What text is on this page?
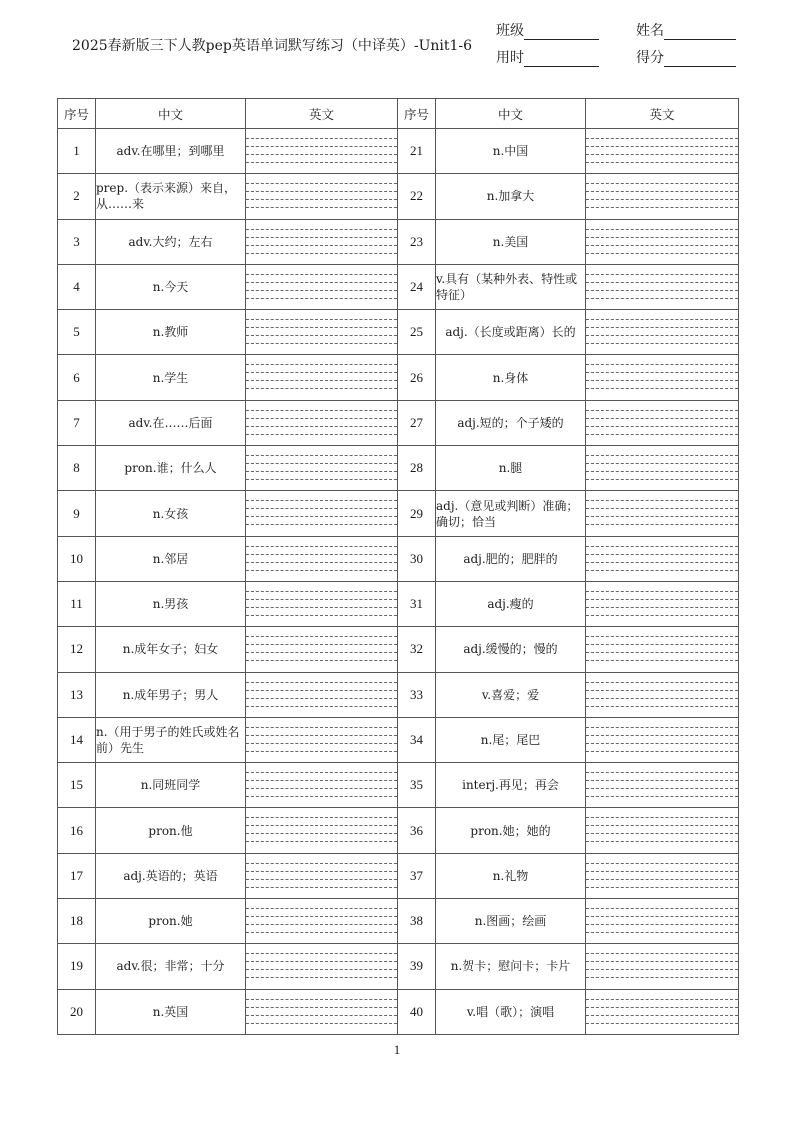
2025春新版三下人教pep英语单词默写练习（中译英）-Unit1-6
班级	姓名
用时	得分
序号	中文	英文	序号	中文	英文
1	adv.在哪里；到哪里		21	n.中国	

2	prep.（表示来源）来自，从……来		22	n.加拿大	

3	adv.大约；左右		23	n.美国	

4	n.今天		24	v.具有（某种外表、特性或特征）	

5	n.教师		25	adj.（长度或距离）长的	

6	n.学生		26	n.身体	

7	adv.在……后面		27	adj.短的；个子矮的	

8	pron.谁；什么人		28	n.腿	

9	n.女孩		29	adj.（意见或判断）准确；确切；恰当	

10	n.邻居		30	adj.肥的；肥胖的	

11	n.男孩		31	adj.瘦的	

12	n.成年女子；妇女		32	adj.缓慢的；慢的	

13	n.成年男子；男人		33	v.喜爱；爱	

14	n.（用于男子的姓氏或姓名前）先生		34	n.尾；尾巴	

15	n.同班同学		35	interj.再见；再会	

16	pron.他		36	pron.她；她的	

17	adj.英语的；英语		37	n.礼物	

18	pron.她		38	n.图画；绘画	

19	adv.很；非常；十分		39	n.贺卡；慰问卡；卡片	

20	n.英国		40	v.唱（歌）；演唱	
1
